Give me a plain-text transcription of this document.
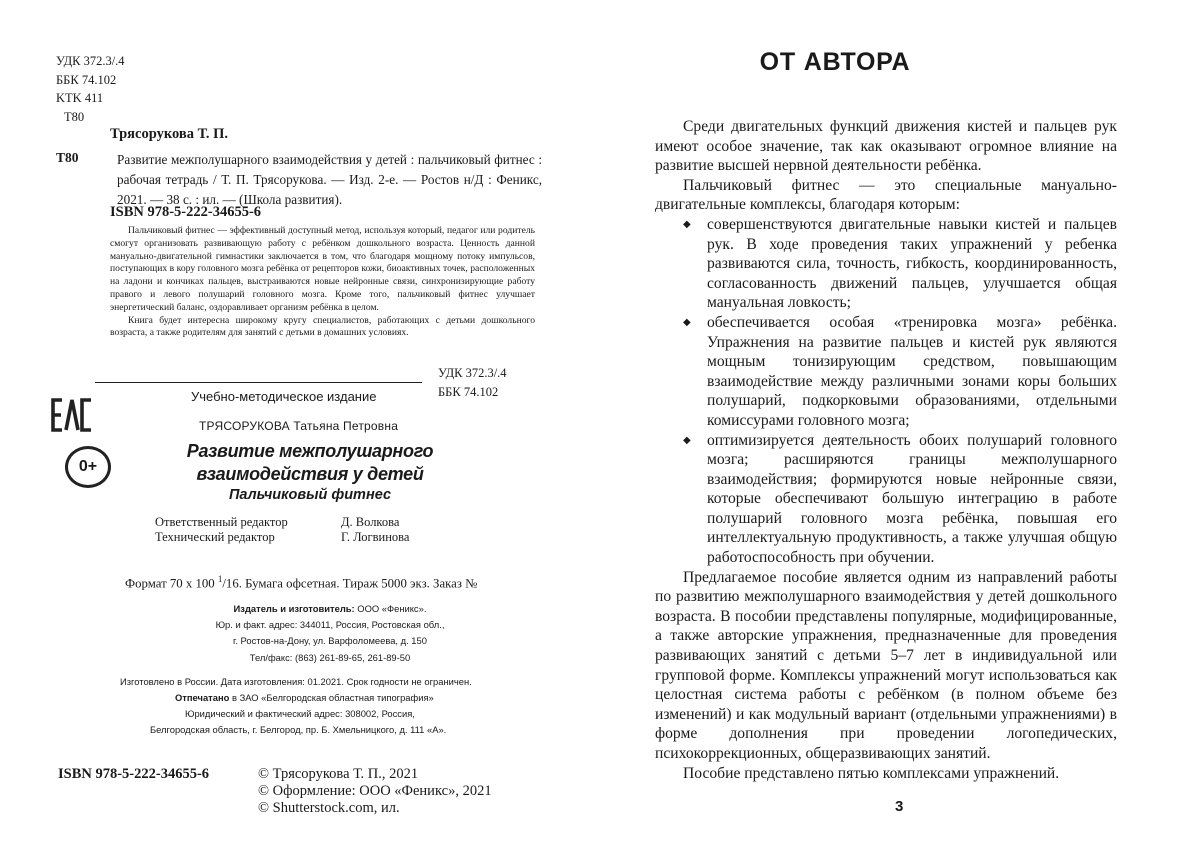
УДК 372.3/.4
ББК 74.102
KTK 411
T80
Трясорукова Т. П.
T80	Развитие межполушарного взаимодействия у детей : пальчиковый фитнес : рабочая тетрадь / Т. П. Трясорукова. — Изд. 2-е. — Ростов н/Д : Феникс, 2021. — 38 с. : ил. — (Школа развития).
ISBN 978-5-222-34655-6

Пальчиковый фитнес — эффективный доступный метод, используя который, педагог или родитель смогут организовать развивающую работу с ребёнком дошкольного возраста. Ценность данной мануально-двигательной гимнастики заключается в том, что благодаря мощному потоку импульсов, поступающих в кору головного мозга ребёнка от рецепторов кожи, биоактивных точек, расположенных на ладони и кончиках пальцев, выстраиваются новые нейронные связи, синхронизирующие работу правого и левого полушарий головного мозга. Кроме того, пальчиковый фитнес улучшает энергетический баланс, оздоравливает организм ребёнка в целом.

Книга будет интересна широкому кругу специалистов, работающих с детьми дошкольного возраста, а также родителям для занятий с детьми в домашних условиях.

УДК 372.3/.4
ББК 74.102
Учебно-методическое издание
0+
ТРЯСОРУКОВА Татьяна Петровна
Развитие межполушарного взаимодействия у детей
Пальчиковый фитнес
Ответственный редактор	Д. Волкова
Технический редактор	Г. Логвинова
Формат 70 x 100 $^1$/16. Бумага офсетная. Тираж 5000 экз. Заказ №
Издатель и изготовитель: ООО «Феникс».
Юр. и факт. адрес: 344011, Россия, Ростовская обл.,
г. Ростов-на-Дону, ул. Варфоломеева, д. 150
Тел/факс: (863) 261-89-65, 261-89-50
Изготовлено в России. Дата изготовления: 01.2021. Срок годности не ограничен.
Отпечатано в ЗАО «Белгородская областная типография»
Юридический и фактический адрес: 308002, Россия,
Белгородская область, г. Белгород, пр. Б. Хмельницкого, д. 111 «А».
ISBN 978-5-222-34655-6	© Трясорукова Т. П., 2021
© Оформление: ООО «Феникс», 2021
© Shutterstock.com, ил.
ОТ АВТОРА

Среди двигательных функций движения кистей и пальцев рук имеют особое значение, так как оказывают огромное влияние на развитие высшей нервной деятельности ребёнка.

Пальчиковый фитнес — это специальные мануально-двигательные комплексы, благодаря которым:

◆ совершенствуются двигательные навыки кистей и пальцев рук. В ходе проведения таких упражнений у ребенка развиваются сила, точность, гибкость, координированность, согласованность движений пальцев, улучшается общая мануальная ловкость;
◆ обеспечивается особая «тренировка мозга» ребёнка. Упражнения на развитие пальцев и кистей рук являются мощным тонизирующим средством, повышающим взаимодействие между различными зонами коры больших полушарий, подкорковыми образованиями, отдельными комиссурами головного мозга;
◆ оптимизируется деятельность обоих полушарий головного мозга; расширяются границы межполушарного взаимодействия; формируются новые нейронные связи, которые обеспечивают большую интеграцию в работе полушарий головного мозга ребёнка, повышая его интеллектуальную продуктивность, а также улучшая общую работоспособность при обучении.

Предлагаемое пособие является одним из направлений работы по развитию межполушарного взаимодействия у детей дошкольного возраста. В пособии представлены популярные, модифицированные, а также авторские упражнения, предназначенные для проведения развивающих занятий с детьми 5–7 лет в индивидуальной или групповой форме. Комплексы упражнений могут использоваться как целостная система работы с ребёнком (в полном объеме без изменений) и как модульный вариант (отдельными упражнениями) в форме дополнения при проведении логопедических, психокоррекционных, общеразвивающих занятий.

Пособие представлено пятью комплексами упражнений.

3
